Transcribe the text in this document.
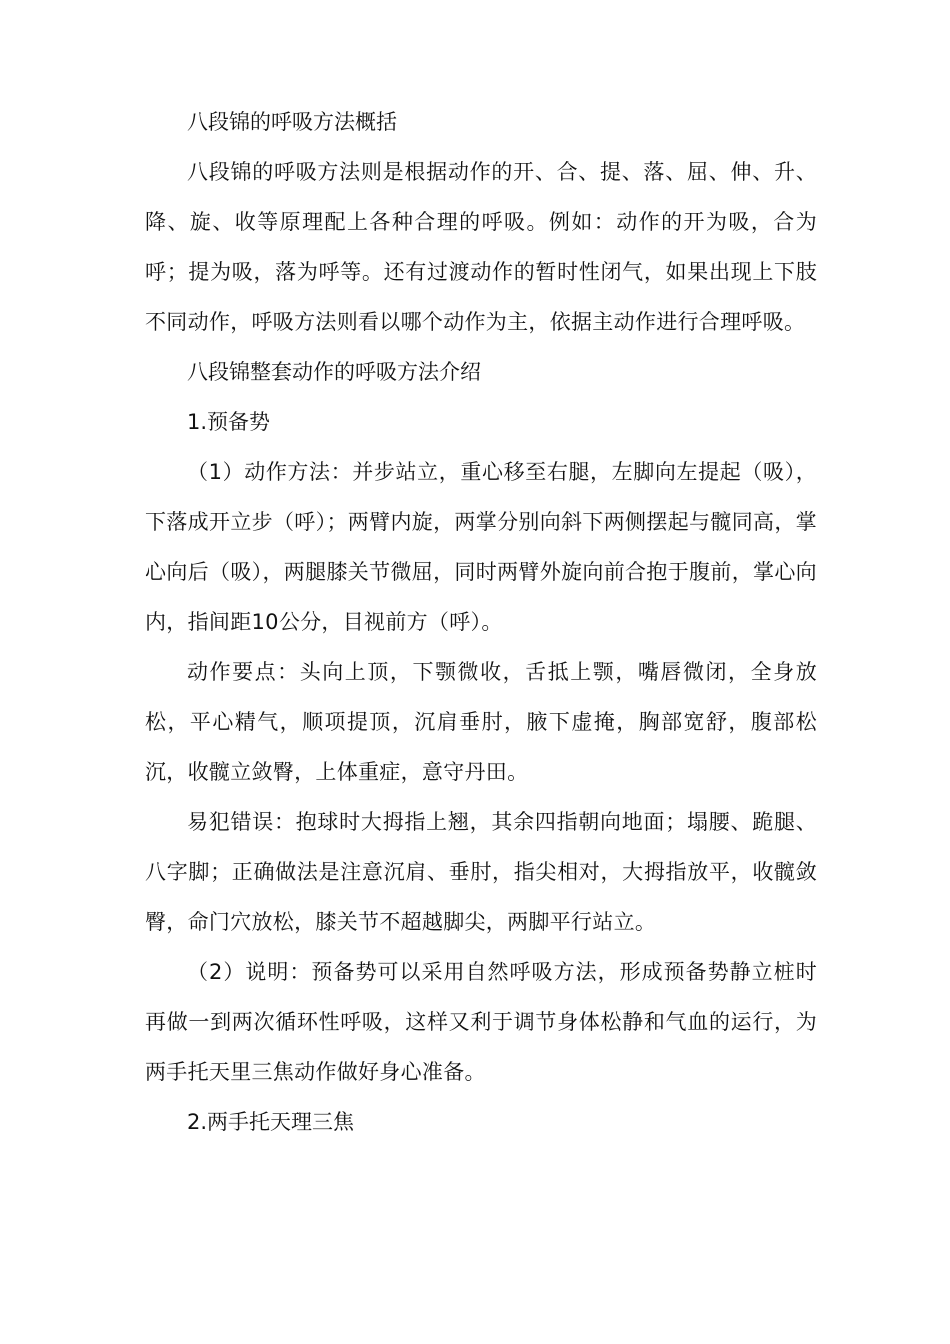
八段锦的呼吸方法概括

八段锦的呼吸方法则是根据动作的开、合、提、落、屈、伸、升、降、旋、收等原理配上各种合理的呼吸。例如：动作的开为吸，合为呼；提为吸，落为呼等。还有过渡动作的暂时性闭气，如果出现上下肢不同动作，呼吸方法则看以哪个动作为主，依据主动作进行合理呼吸。

八段锦整套动作的呼吸方法介绍

1.预备势

（1）动作方法：并步站立，重心移至右腿，左脚向左提起（吸），下落成开立步（呼）；两臂内旋，两掌分别向斜下两侧摆起与髋同高，掌心向后（吸），两腿膝关节微屈，同时两臂外旋向前合抱于腹前，掌心向内，指间距10公分，目视前方（呼）。

动作要点：头向上顶，下颚微收，舌抵上颚，嘴唇微闭，全身放松，平心精气，顺项提顶，沉肩垂肘，腋下虚掩，胸部宽舒，腹部松沉，收髋立敛臀，上体重症，意守丹田。

易犯错误：抱球时大拇指上翘，其余四指朝向地面；塌腰、跪腿、八字脚；正确做法是注意沉肩、垂肘，指尖相对，大拇指放平，收髋敛臀，命门穴放松，膝关节不超越脚尖，两脚平行站立。

（2）说明：预备势可以采用自然呼吸方法，形成预备势静立桩时再做一到两次循环性呼吸，这样又利于调节身体松静和气血的运行，为两手托天里三焦动作做好身心准备。

2.两手托天理三焦
